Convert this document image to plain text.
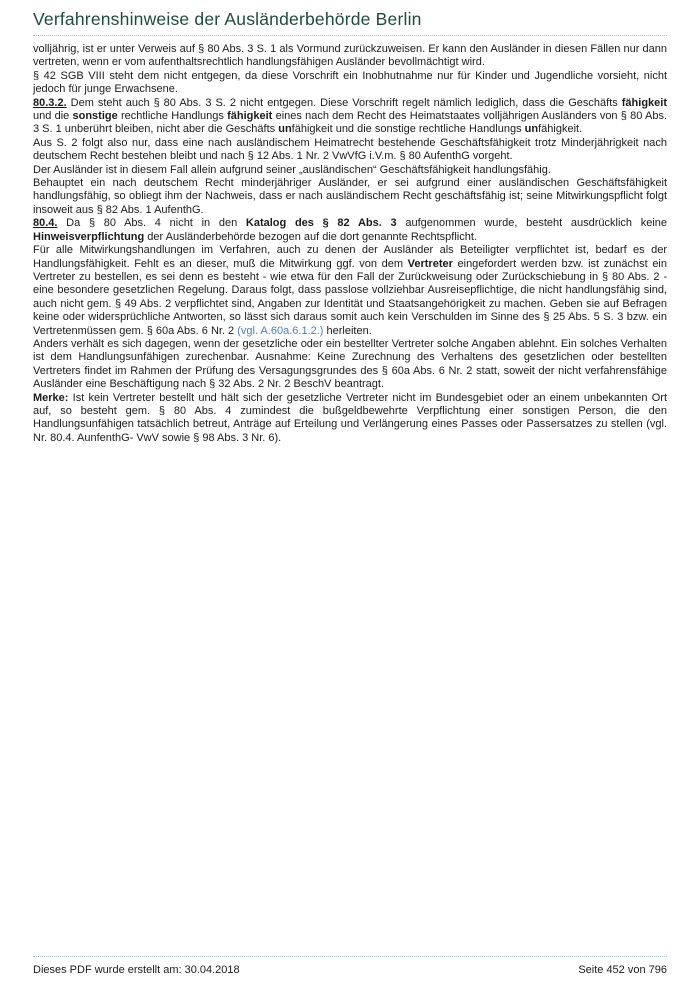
Verfahrenshinweise der Ausländerbehörde Berlin

volljährig, ist er unter Verweis auf § 80 Abs. 3 S. 1 als Vormund zurückzuweisen. Er kann den Ausländer in diesen Fällen nur dann vertreten, wenn er vom aufenthaltsrechtlich handlungsfähigen Ausländer bevollmächtigt wird.

§ 42 SGB VIII steht dem nicht entgegen, da diese Vorschrift ein Inobhutnahme nur für Kinder und Jugendliche vorsieht, nicht jedoch für junge Erwachsene.

80.3.2. Dem steht auch § 80 Abs. 3 S. 2 nicht entgegen. Diese Vorschrift regelt nämlich lediglich, dass die Geschäfts fähigkeit und die sonstige rechtliche Handlungs fähigkeit eines nach dem Recht des Heimatstaates volljährigen Ausländers von § 80 Abs. 3 S. 1 unberührt bleiben, nicht aber die Geschäfts unfähigkeit und die sonstige rechtliche Handlungs unfähigkeit.

Aus S. 2 folgt also nur, dass eine nach ausländischem Heimatrecht bestehende Geschäftsfähigkeit trotz Minderjährigkeit nach deutschem Recht bestehen bleibt und nach § 12 Abs. 1 Nr. 2 VwVfG i.V.m. § 80 AufenthG vorgeht.

Der Ausländer ist in diesem Fall allein aufgrund seiner „ausländischen“ Geschäftsfähigkeit handlungsfähig.

Behauptet ein nach deutschem Recht minderjähriger Ausländer, er sei aufgrund einer ausländischen Geschäftsfähigkeit handlungsfähig, so obliegt ihm der Nachweis, dass er nach ausländischem Recht geschäftsfähig ist; seine Mitwirkungspflicht folgt insoweit aus § 82 Abs. 1 AufenthG.

80.4. Da § 80 Abs. 4 nicht in den Katalog des § 82 Abs. 3 aufgenommen wurde, besteht ausdrücklich keine Hinweisverpflichtung der Ausländerbehörde bezogen auf die dort genannte Rechtspflicht.

Für alle Mitwirkungshandlungen im Verfahren, auch zu denen der Ausländer als Beteiligter verpflichtet ist, bedarf es der Handlungsfähigkeit. Fehlt es an dieser, muß die Mitwirkung ggf. von dem Vertreter eingefordert werden bzw. ist zunächst ein Vertreter zu bestellen, es sei denn es besteht - wie etwa für den Fall der Zurückweisung oder Zurückschiebung in § 80 Abs. 2 - eine besondere gesetzlichen Regelung. Daraus folgt, dass passlose vollziehbar Ausreisepflichtige, die nicht handlungsfähig sind, auch nicht gem. § 49 Abs. 2 verpflichtet sind, Angaben zur Identität und Staatsangehörigkeit zu machen. Geben sie auf Befragen keine oder widersprüchliche Antworten, so lässt sich daraus somit auch kein Verschulden im Sinne des § 25 Abs. 5 S. 3 bzw. ein Vertretenmüssen gem. § 60a Abs. 6 Nr. 2 (vgl. A.60a.6.1.2.) herleiten.

Anders verhält es sich dagegen, wenn der gesetzliche oder ein bestellter Vertreter solche Angaben ablehnt. Ein solches Verhalten ist dem Handlungsunfähigen zurechenbar. Ausnahme: Keine Zurechnung des Verhaltens des gesetzlichen oder bestellten Vertreters findet im Rahmen der Prüfung des Versagungsgrundes des § 60a Abs. 6 Nr. 2 statt, soweit der nicht verfahrensfähige Ausländer eine Beschäftigung nach § 32 Abs. 2 Nr. 2 BeschV beantragt.

Merke: Ist kein Vertreter bestellt und hält sich der gesetzliche Vertreter nicht im Bundesgebiet oder an einem unbekannten Ort auf, so besteht gem. § 80 Abs. 4 zumindest die bußgeldbewehrte Verpflichtung einer sonstigen Person, die den Handlungsunfähigen tatsächlich betreut, Anträge auf Erteilung und Verlängerung eines Passes oder Passersatzes zu stellen (vgl. Nr. 80.4. AunfenthG- VwV sowie § 98 Abs. 3 Nr. 6).

Dieses PDF wurde erstellt am: 30.04.2018	Seite 452 von 796
